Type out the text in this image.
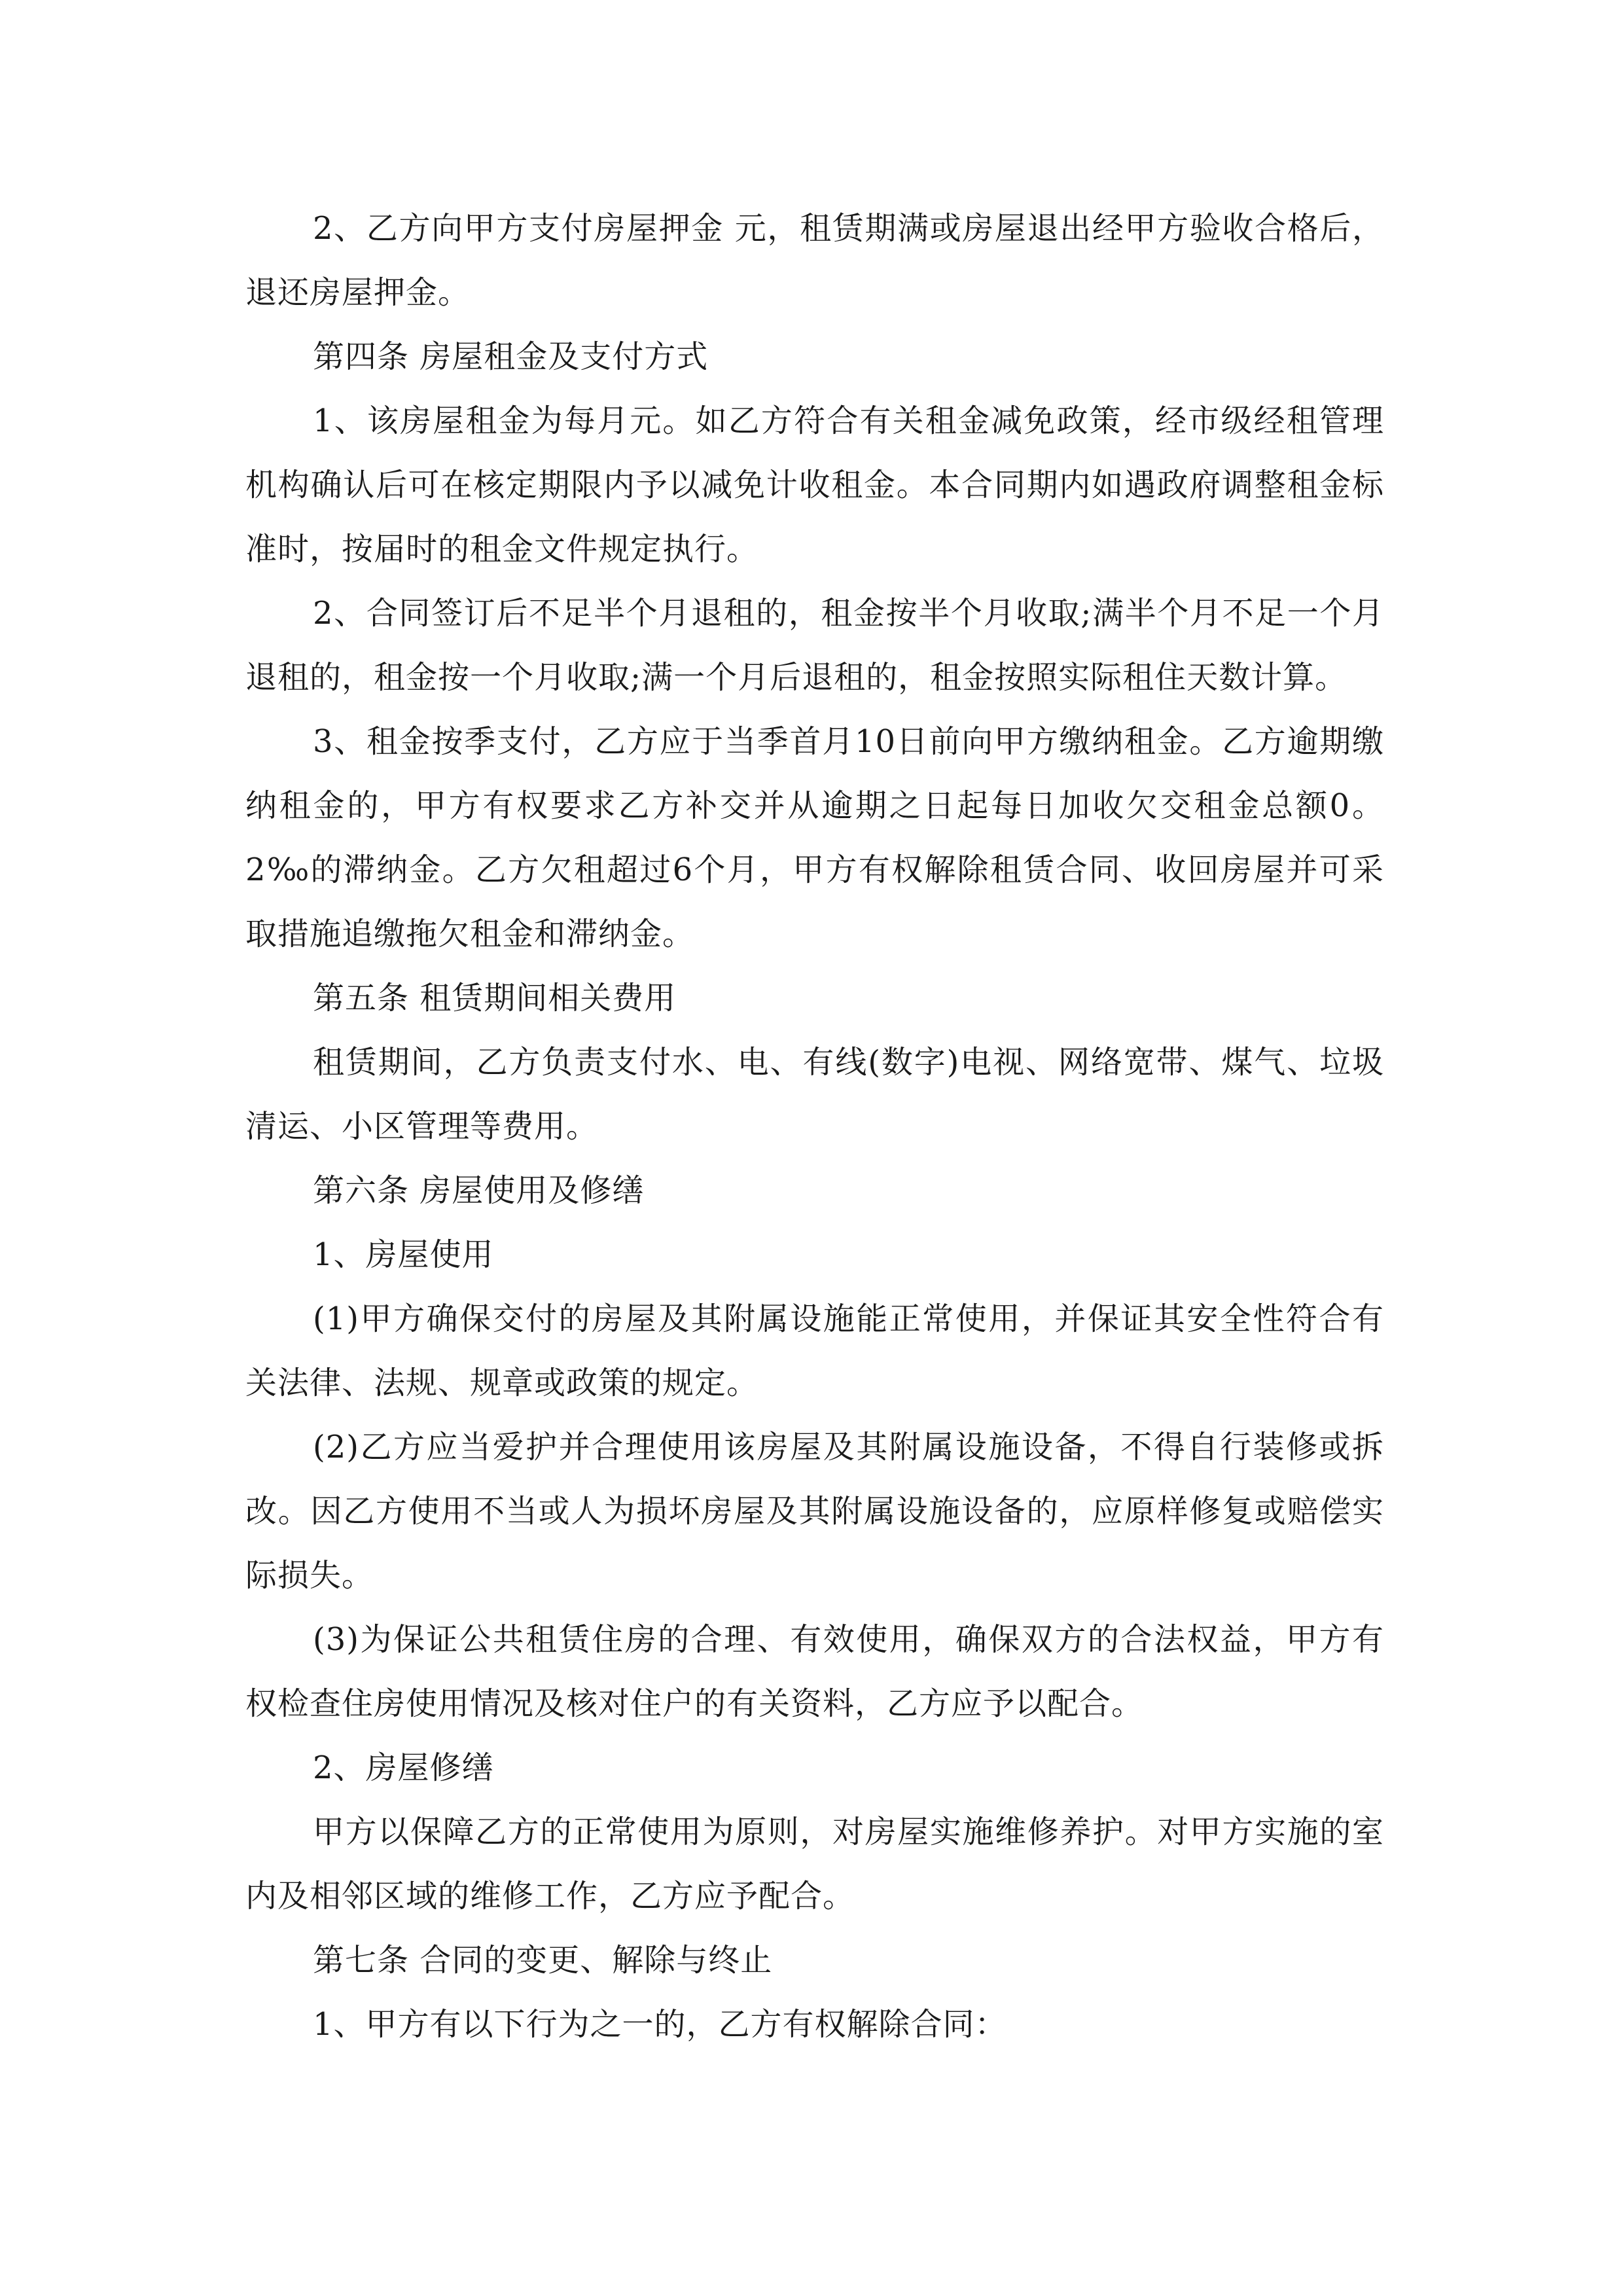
2、乙方向甲方支付房屋押金 元，租赁期满或房屋退出经甲方验收合格后，退还房屋押金。

第四条 房屋租金及支付方式

1、该房屋租金为每月元。如乙方符合有关租金减免政策，经市级经租管理机构确认后可在核定期限内予以减免计收租金。本合同期内如遇政府调整租金标准时，按届时的租金文件规定执行。

2、合同签订后不足半个月退租的，租金按半个月收取;满半个月不足一个月退租的，租金按一个月收取;满一个月后退租的，租金按照实际租住天数计算。

3、租金按季支付，乙方应于当季首月10日前向甲方缴纳租金。乙方逾期缴纳租金的，甲方有权要求乙方补交并从逾期之日起每日加收欠交租金总额0。2‰的滞纳金。乙方欠租超过6个月，甲方有权解除租赁合同、收回房屋并可采取措施追缴拖欠租金和滞纳金。

第五条 租赁期间相关费用

租赁期间，乙方负责支付水、电、有线(数字)电视、网络宽带、煤气、垃圾清运、小区管理等费用。

第六条 房屋使用及修缮

1、房屋使用

(1)甲方确保交付的房屋及其附属设施能正常使用，并保证其安全性符合有关法律、法规、规章或政策的规定。

(2)乙方应当爱护并合理使用该房屋及其附属设施设备，不得自行装修或拆改。因乙方使用不当或人为损坏房屋及其附属设施设备的，应原样修复或赔偿实际损失。

(3)为保证公共租赁住房的合理、有效使用，确保双方的合法权益，甲方有权检查住房使用情况及核对住户的有关资料，乙方应予以配合。

2、房屋修缮

甲方以保障乙方的正常使用为原则，对房屋实施维修养护。对甲方实施的室内及相邻区域的维修工作，乙方应予配合。

第七条 合同的变更、解除与终止

1、甲方有以下行为之一的，乙方有权解除合同：
